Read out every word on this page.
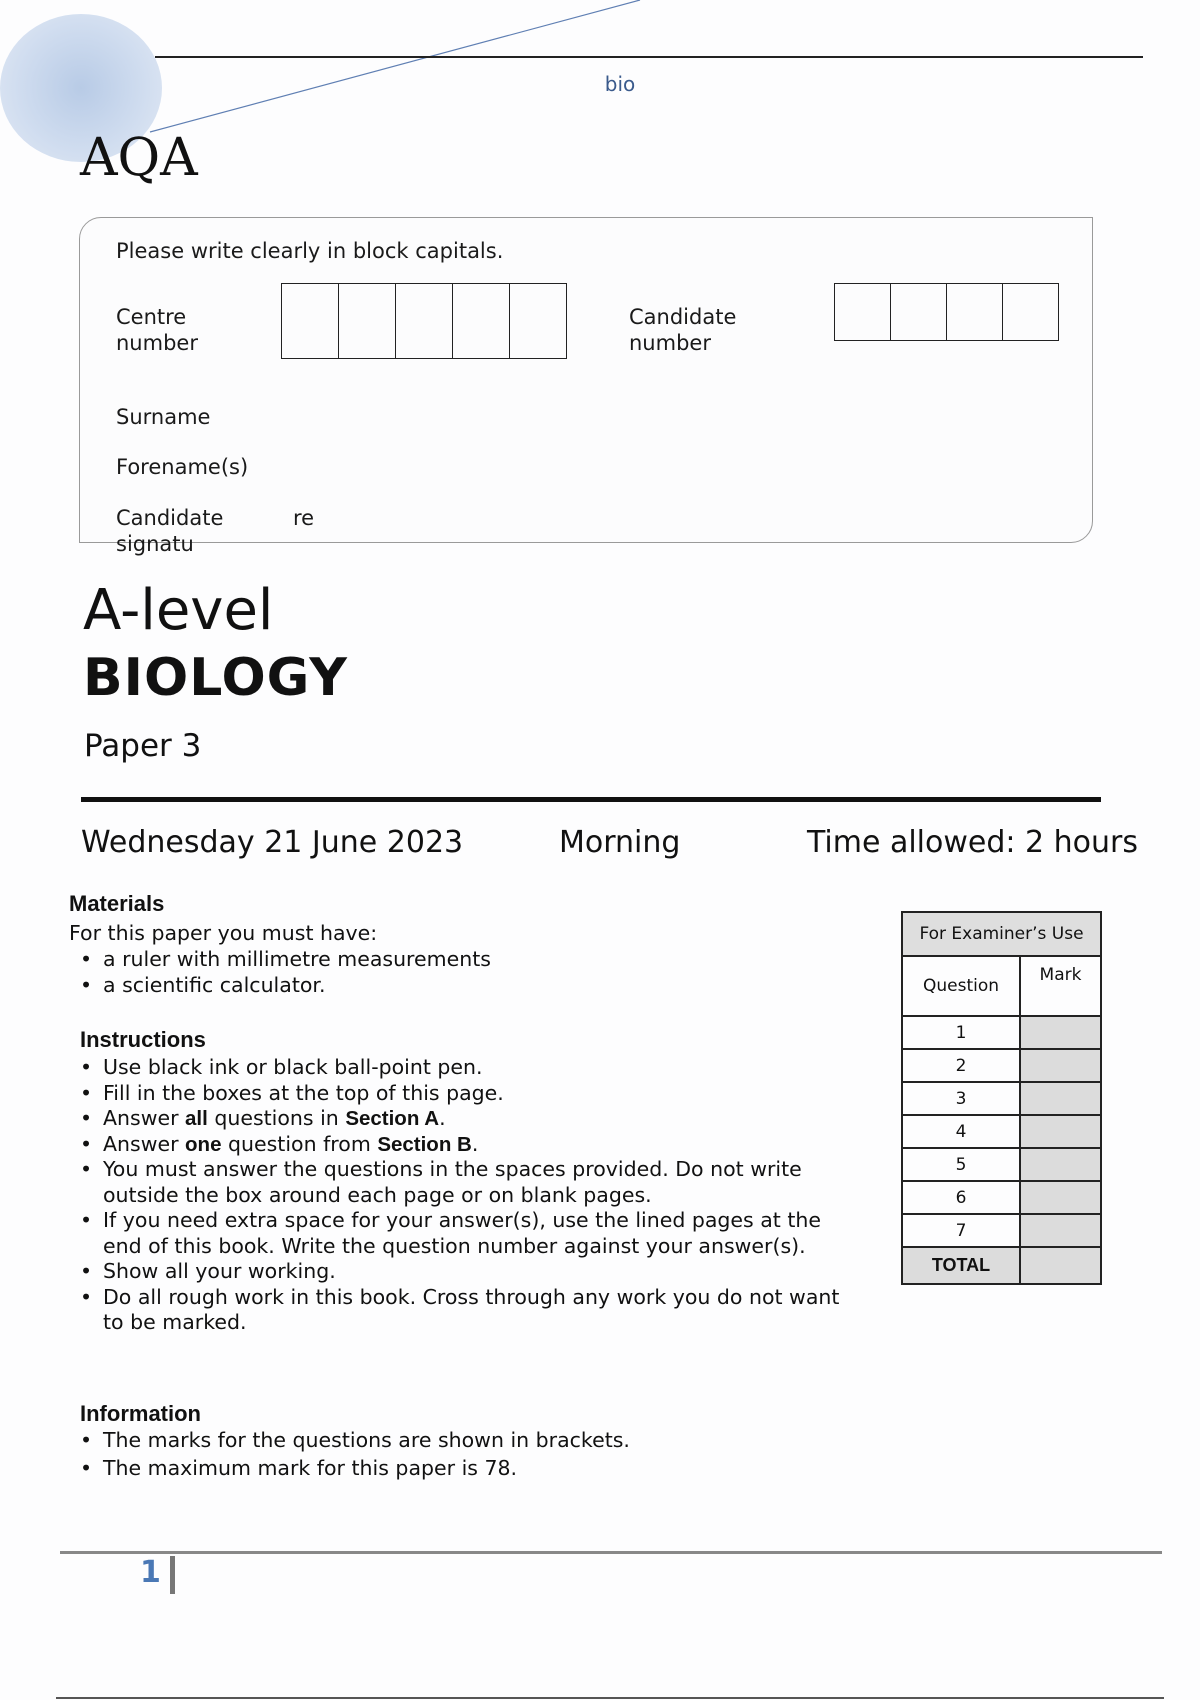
bio
AQA
Please write clearly in block capitals.
Centre
number
Candidate
number
Surname
Forename(s)
Candidate
signatu
re
A-level
BIOLOGY
Paper 3
Wednesday 21 June 2023	Morning	Time allowed: 2 hours
Materials
For this paper you must have:
• a ruler with millimetre measurements
• a scientific calculator.
Instructions
• Use black ink or black ball-point pen.
• Fill in the boxes at the top of this page.
• Answer all questions in Section A.
• Answer one question from Section B.
• You must answer the questions in the spaces provided. Do not write outside the box around each page or on blank pages.
• If you need extra space for your answer(s), use the lined pages at the end of this book. Write the question number against your answer(s).
• Show all your working.
• Do all rough work in this book. Cross through any work you do not want to be marked.
Information
• The marks for the questions are shown in brackets.
• The maximum mark for this paper is 78.
For Examiner’s Use	
Question	Mark
1	
2	
3	
4	
5	
6	
7	
TOTAL	
1
